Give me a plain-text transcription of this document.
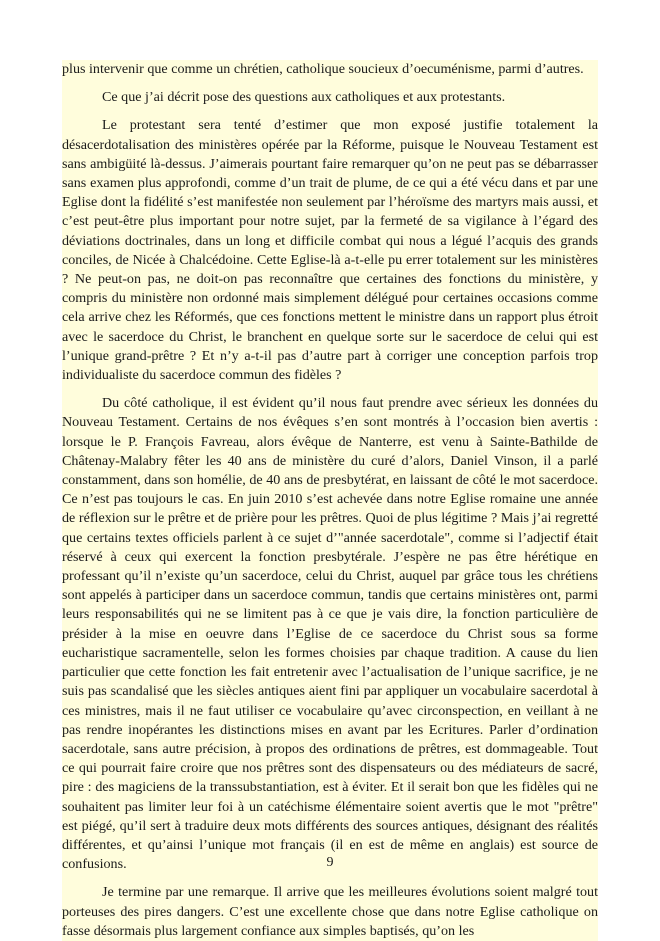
plus intervenir que comme un chrétien, catholique soucieux d’oecuménisme, parmi d’autres.

Ce que j’ai décrit pose des questions aux catholiques et aux protestants.

Le protestant sera tenté d’estimer que mon exposé justifie totalement la désacerdotalisation des ministères opérée par la Réforme, puisque le Nouveau Testament est sans ambigüité là-dessus. J’aimerais pourtant faire remarquer qu’on ne peut pas se débarrasser sans examen plus approfondi, comme d’un trait de plume, de ce qui a été vécu dans et par une Eglise dont la fidélité s’est manifestée non seulement par l’héroïsme des martyrs mais aussi, et c’est peut-être plus important pour notre sujet, par la fermeté de sa vigilance à l’égard des déviations doctrinales, dans un long et difficile combat qui nous a légué l’acquis des grands conciles, de Nicée à Chalcédoine. Cette Eglise-là a-t-elle pu errer totalement sur les ministères ? Ne peut-on pas, ne doit-on pas reconnaître que certaines des fonctions du ministère, y compris du ministère non ordonné mais simplement délégué pour certaines occasions comme cela arrive chez les Réformés, que ces fonctions mettent le ministre dans un rapport plus étroit avec le sacerdoce du Christ, le branchent en quelque sorte sur le sacerdoce de celui qui est l’unique grand-prêtre ? Et n’y a-t-il pas d’autre part à corriger une conception parfois trop individualiste du sacerdoce commun des fidèles ?

Du côté catholique, il est évident qu’il nous faut prendre avec sérieux les données du Nouveau Testament. Certains de nos évêques s’en sont montrés à l’occasion bien avertis : lorsque le P. François Favreau, alors évêque de Nanterre, est venu à Sainte-Bathilde de Châtenay-Malabry fêter les 40 ans de ministère du curé d’alors, Daniel Vinson, il a parlé constamment, dans son homélie, de 40 ans de presbytérat, en laissant de côté le mot sacerdoce. Ce n’est pas toujours le cas. En juin 2010 s’est achevée dans notre Eglise romaine une année de réflexion sur le prêtre et de prière pour les prêtres. Quoi de plus légitime ? Mais j’ai regretté que certains textes officiels parlent à ce sujet d’"année sacerdotale", comme si l’adjectif était réservé à ceux qui exercent la fonction presbytérale. J’espère ne pas être hérétique en professant qu’il n’existe qu’un sacerdoce, celui du Christ, auquel par grâce tous les chrétiens sont appelés à participer dans un sacerdoce commun, tandis que certains ministères ont, parmi leurs responsabilités qui ne se limitent pas à ce que je vais dire, la fonction particulière de présider à la mise en oeuvre dans l’Eglise de ce sacerdoce du Christ sous sa forme eucharistique sacramentelle, selon les formes choisies par chaque tradition. A cause du lien particulier que cette fonction les fait entretenir avec l’actualisation de l’unique sacrifice, je ne suis pas scandalisé que les siècles antiques aient fini par appliquer un vocabulaire sacerdotal à ces ministres, mais il ne faut utiliser ce vocabulaire qu’avec circonspection, en veillant à ne pas rendre inopérantes les distinctions mises en avant par les Ecritures. Parler d’ordination sacerdotale, sans autre précision, à propos des ordinations de prêtres, est dommageable. Tout ce qui pourrait faire croire que nos prêtres sont des dispensateurs ou des médiateurs de sacré, pire : des magiciens de la transsubstantiation, est à éviter. Et il serait bon que les fidèles qui ne souhaitent pas limiter leur foi à un catéchisme élémentaire soient avertis que le mot "prêtre" est piégé, qu’il sert à traduire deux mots différents des sources antiques, désignant des réalités différentes, et qu’ainsi l’unique mot français (il en est de même en anglais) est source de confusions.

Je termine par une remarque. Il arrive que les meilleures évolutions soient malgré tout porteuses des pires dangers. C’est une excellente chose que dans notre Eglise catholique on fasse désormais plus largement confiance aux simples baptisés, qu’on les

9
